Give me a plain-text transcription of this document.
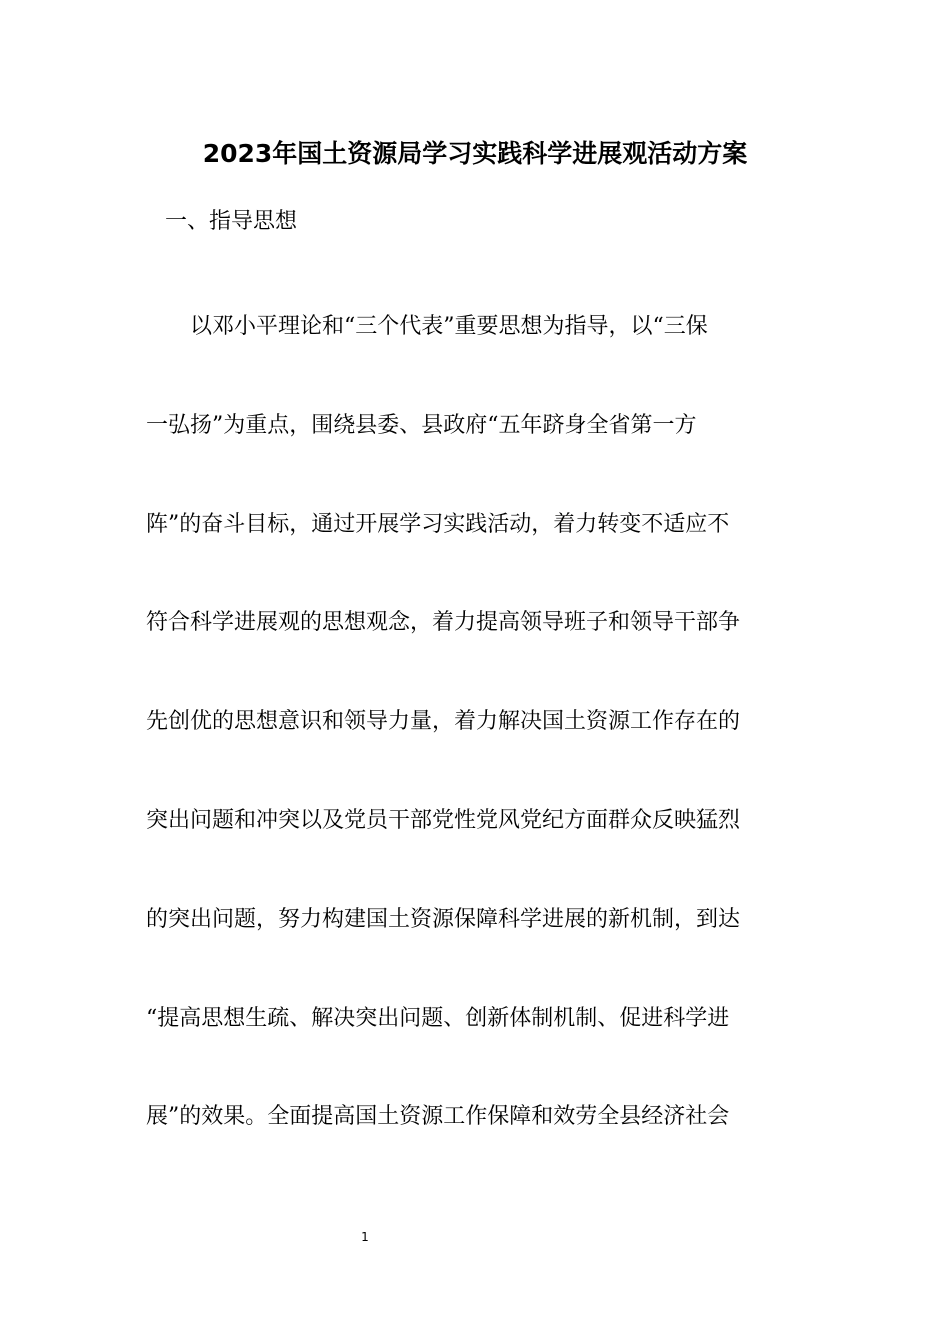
2023年国土资源局学习实践科学进展观活动方案
一、指导思想
以邓小平理论和“三个代表”重要思想为指导，以“三保
一弘扬”为重点，围绕县委、县政府“五年跻身全省第一方
阵”的奋斗目标，通过开展学习实践活动，着力转变不适应不
符合科学进展观的思想观念，着力提高领导班子和领导干部争
先创优的思想意识和领导力量，着力解决国土资源工作存在的
突出问题和冲突以及党员干部党性党风党纪方面群众反映猛烈
的突出问题，努力构建国土资源保障科学进展的新机制，到达
“提高思想生疏、解决突出问题、创新体制机制、促进科学进
展”的效果。全面提高国土资源工作保障和效劳全县经济社会
1
